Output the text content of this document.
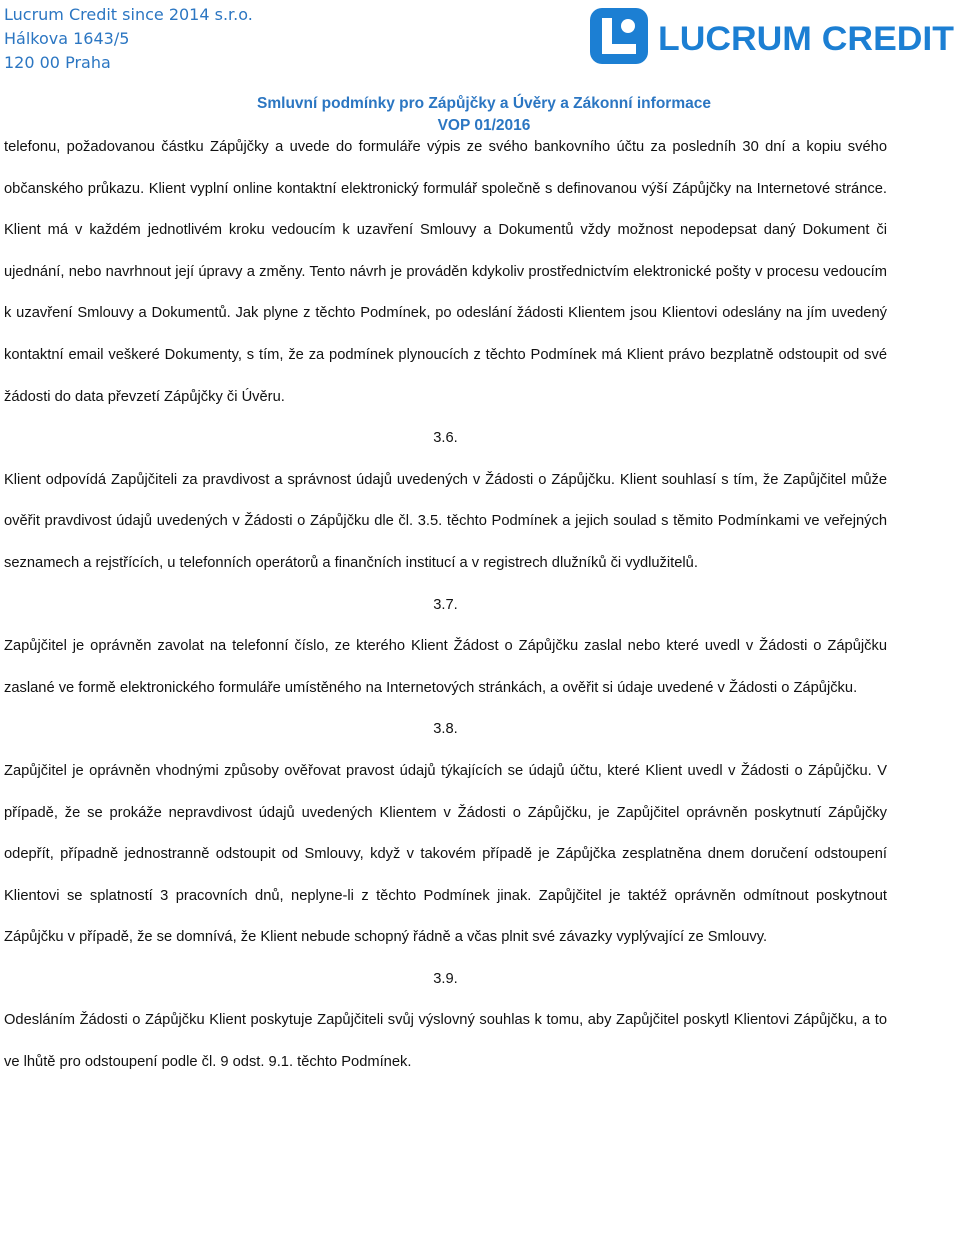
Lucrum Credit since 2014 s.r.o.
Hálkova 1643/5
120 00 Praha
LUCRUM CREDIT
Smluvní podmínky pro Zápůjčky a Úvěry a Zákonní informace
VOP 01/2016

telefonu, požadovanou částku Zápůjčky a uvede do formuláře výpis ze svého bankovního účtu za posledníh 30 dní a kopiu svého občanského průkazu. Klient vyplní online kontaktní elektronický formulář společně s definovanou výší Zápůjčky na Internetové stránce. Klient má v každém jednotlivém kroku vedoucím k uzavření Smlouvy a Dokumentů vždy možnost nepodepsat daný Dokument či ujednání, nebo navrhnout její úpravy a změny. Tento návrh je prováděn kdykoliv prostřednictvím elektronické pošty v procesu vedoucím k uzavření Smlouvy a Dokumentů. Jak plyne z těchto Podmínek, po odeslání žádosti Klientem jsou Klientovi odeslány na jím uvedený kontaktní email veškeré Dokumenty, s tím, že za podmínek plynoucích z těchto Podmínek má Klient právo bezplatně odstoupit od své žádosti do data převzetí Zápůjčky či Úvěru.

3.6.

Klient odpovídá Zapůjčiteli za pravdivost a správnost údajů uvedených v Žádosti o Zápůjčku. Klient souhlasí s tím, že Zapůjčitel může ověřit pravdivost údajů uvedených v Žádosti o Zápůjčku dle čl. 3.5. těchto Podmínek a jejich soulad s těmito Podmínkami ve veřejných seznamech a rejstřících, u telefonních operátorů a finančních institucí a v registrech dlužníků či vydlužitelů.

3.7.

Zapůjčitel je oprávněn zavolat na telefonní číslo, ze kterého Klient Žádost o Zápůjčku zaslal nebo které uvedl v Žádosti o Zápůjčku zaslané ve formě elektronického formuláře umístěného na Internetových stránkách, a ověřit si údaje uvedené v Žádosti o Zápůjčku.

3.8.

Zapůjčitel je oprávněn vhodnými způsoby ověřovat pravost údajů týkajících se údajů účtu, které Klient uvedl v Žádosti o Zápůjčku. V případě, že se prokáže nepravdivost údajů uvedených Klientem v Žádosti o Zápůjčku, je Zapůjčitel oprávněn poskytnutí Zápůjčky odepřít, případně jednostranně odstoupit od Smlouvy, když v takovém případě je Zápůjčka zesplatněna dnem doručení odstoupení Klientovi se splatností 3 pracovních dnů, neplyne-li z těchto Podmínek jinak. Zapůjčitel je taktéž oprávněn odmítnout poskytnout Zápůjčku v případě, že se domnívá, že Klient nebude schopný řádně a včas plnit své závazky vyplývající ze Smlouvy.

3.9.

Odesláním Žádosti o Zápůjčku Klient poskytuje Zapůjčiteli svůj výslovný souhlas k tomu, aby Zapůjčitel poskytl Klientovi Zápůjčku, a to ve lhůtě pro odstoupení podle čl. 9 odst. 9.1. těchto Podmínek.
